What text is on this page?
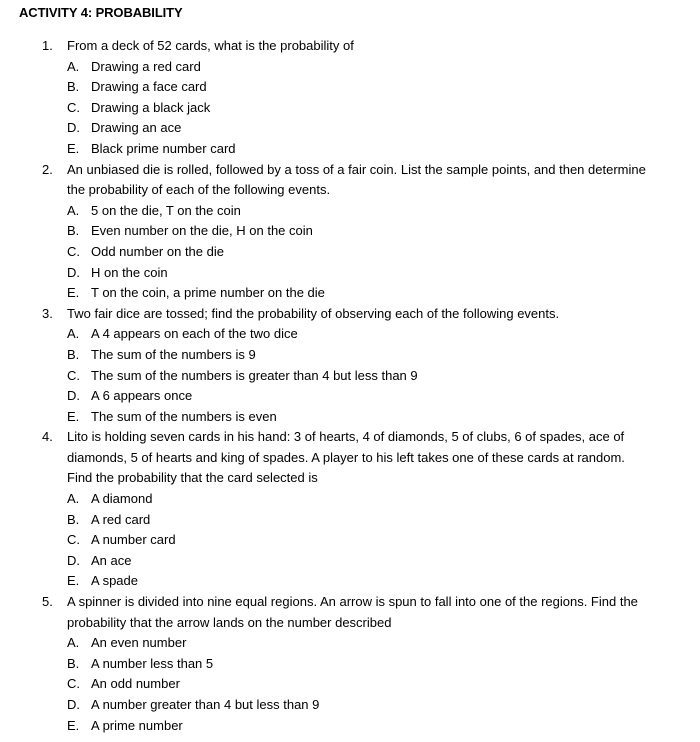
ACTIVITY 4: PROBABILITY
1.	From a deck of 52 cards, what is the probability of
A. Drawing a red card
B. Drawing a face card
C. Drawing a black jack
D. Drawing an ace
E. Black prime number card
2.	An unbiased die is rolled, followed by a toss of a fair coin. List the sample points, and then determine the probability of each of the following events.
A. 5 on the die, T on the coin
B. Even number on the die, H on the coin
C. Odd number on the die
D. H on the coin
E. T on the coin, a prime number on the die
3.	Two fair dice are tossed; find the probability of observing each of the following events.
A. A 4 appears on each of the two dice
B. The sum of the numbers is 9
C. The sum of the numbers is greater than 4 but less than 9
D. A 6 appears once
E. The sum of the numbers is even
4.	Lito is holding seven cards in his hand: 3 of hearts, 4 of diamonds, 5 of clubs, 6 of spades, ace of diamonds, 5 of hearts and king of spades. A player to his left takes one of these cards at random. Find the probability that the card selected is
A. A diamond
B. A red card
C. A number card
D. An ace
E. A spade
5.	A spinner is divided into nine equal regions. An arrow is spun to fall into one of the regions. Find the probability that the arrow lands on the number described
A. An even number
B. A number less than 5
C. An odd number
D. A number greater than 4 but less than 9
E. A prime number
